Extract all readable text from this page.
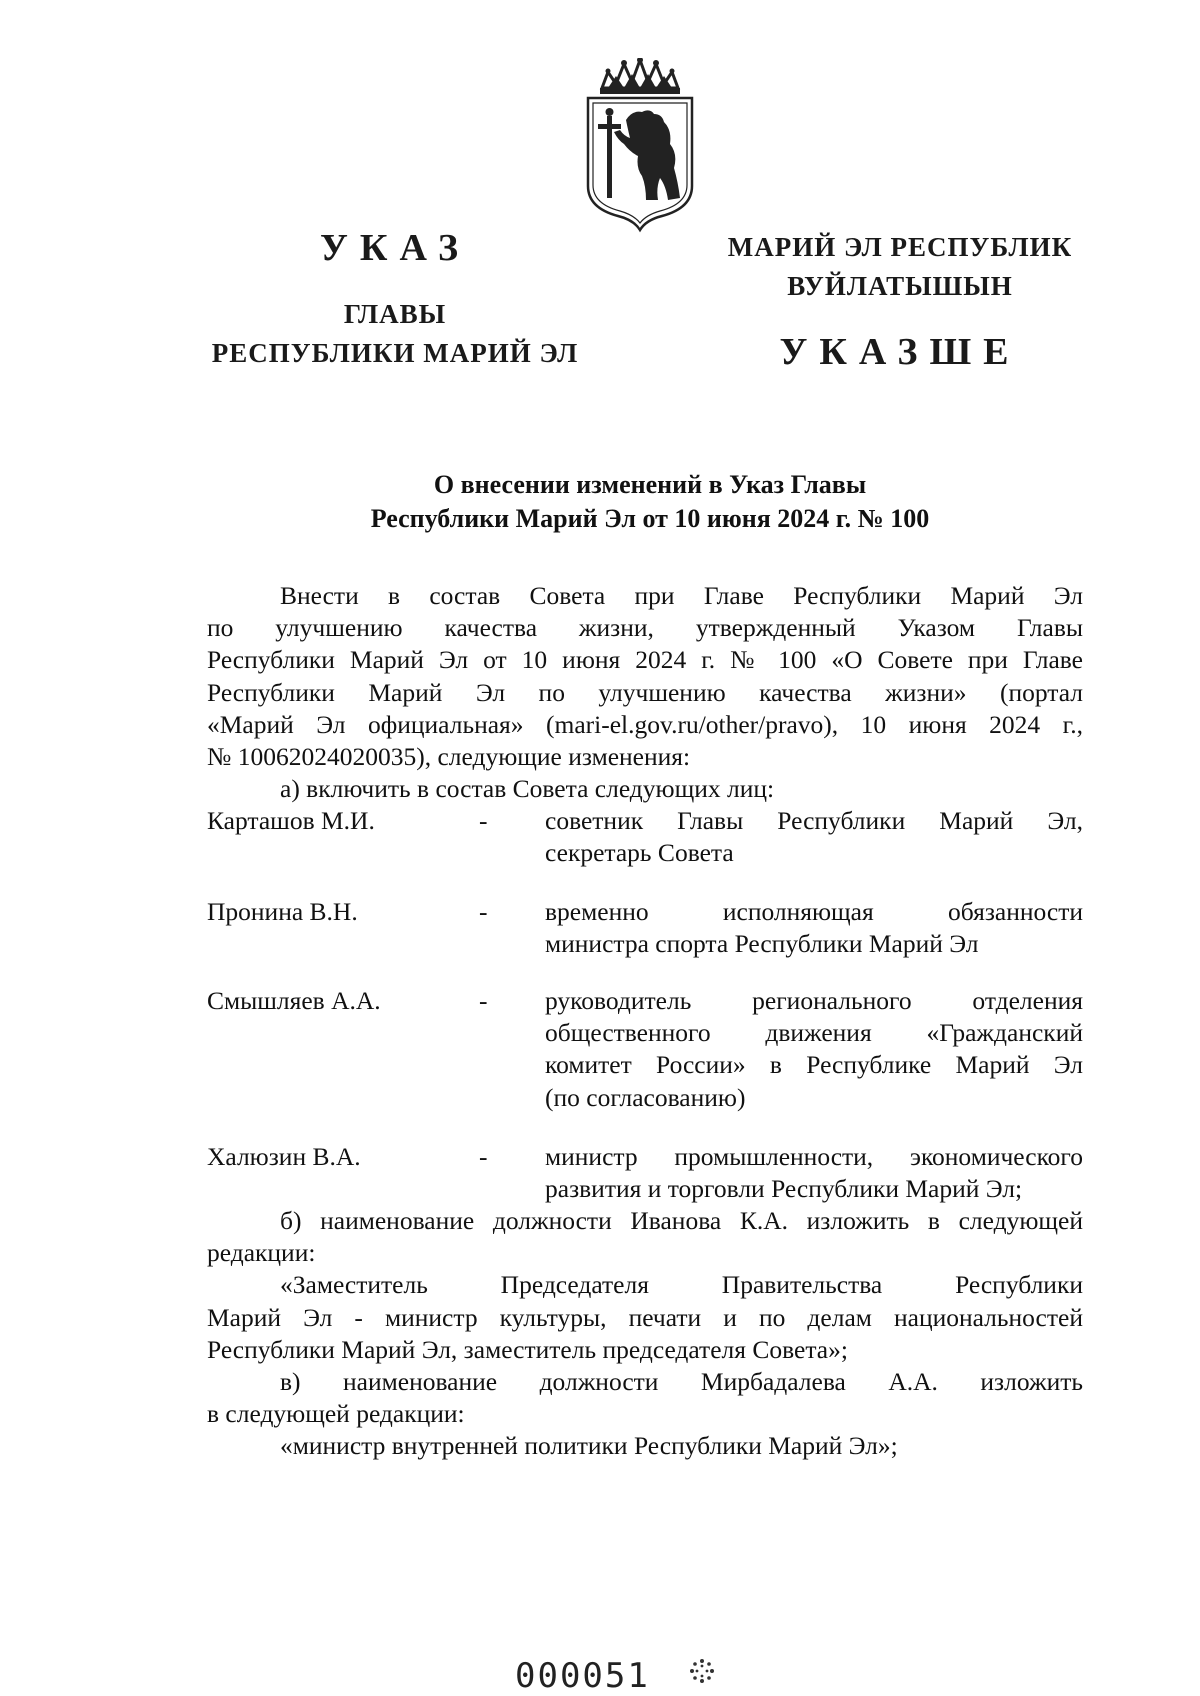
УКАЗ
ГЛАВЫ
РЕСПУБЛИКИ МАРИЙ ЭЛ
МАРИЙ ЭЛ РЕСПУБЛИК
ВУЙЛАТЫШЫН
УКАЗШЕ
О внесении изменений в Указ Главы
Республики Марий Эл от 10 июня 2024 г. № 100
Внести в состав Совета при Главе Республики Марий Эл
по улучшению качества жизни, утвержденный Указом Главы
Республики Марий Эл от 10 июня 2024 г. № 100 «О Совете при Главе
Республики Марий Эл по улучшению качества жизни» (портал
«Марий Эл официальная» (mari-el.gov.ru/other/pravo), 10 июня 2024 г.,
№ 10062024020035), следующие изменения:
а) включить в состав Совета следующих лиц:
Карташов М.И.	- советник Главы Республики Марий Эл,
секретарь Совета
Пронина В.Н.	- временно исполняющая обязанности
министра спорта Республики Марий Эл
Смышляев А.А.	- руководитель регионального отделения
общественного движения «Гражданский
комитет России» в Республике Марий Эл
(по согласованию)
Халюзин В.А.	- министр промышленности, экономического
развития и торговли Республики Марий Эл;
б) наименование должности Иванова К.А. изложить в следующей
редакции:
«Заместитель Председателя Правительства Республики
Марий Эл - министр культуры, печати и по делам национальностей
Республики Марий Эл, заместитель председателя Совета»;
в) наименование должности Мирбадалева А.А. изложить
в следующей редакции:
«министр внутренней политики Республики Марий Эл»;
000051
